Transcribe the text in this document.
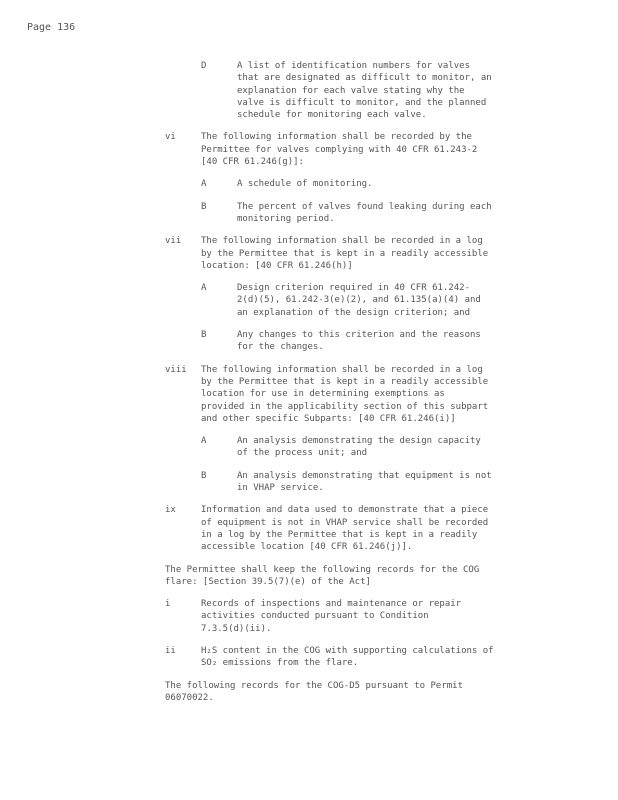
Page 136
D	A list of identification numbers for valves
that are designated as difficult to monitor, an
explanation for each valve stating why the
valve is difficult to monitor, and the planned
schedule for monitoring each valve.
vi	The following information shall be recorded by the
Permittee for valves complying with 40 CFR 61.243-2
[40 CFR 61.246(g)]:
A	A schedule of monitoring.
B	The percent of valves found leaking during each
monitoring period.
vii	The following information shall be recorded in a log
by the Permittee that is kept in a readily accessible
location: [40 CFR 61.246(h)]
A	Design criterion required in 40 CFR 61.242-
2(d)(5), 61.242-3(e)(2), and 61.135(a)(4) and
an explanation of the design criterion; and
B	Any changes to this criterion and the reasons
for the changes.
viii	The following information shall be recorded in a log
by the Permittee that is kept in a readily accessible
location for use in determining exemptions as
provided in the applicability section of this subpart
and other specific Subparts: [40 CFR 61.246(i)]
A	An analysis demonstrating the design capacity
of the process unit; and
B	An analysis demonstrating that equipment is not
in VHAP service.
ix	Information and data used to demonstrate that a piece
of equipment is not in VHAP service shall be recorded
in a log by the Permittee that is kept in a readily
accessible location [40 CFR 61.246(j)].
The Permittee shall keep the following records for the COG
flare: [Section 39.5(7)(e) of the Act]
i	Records of inspections and maintenance or repair
activities conducted pursuant to Condition
7.3.5(d)(ii).
ii	H₂S content in the COG with supporting calculations of
SO₂ emissions from the flare.
The following records for the COG-D5 pursuant to Permit
06070022.
